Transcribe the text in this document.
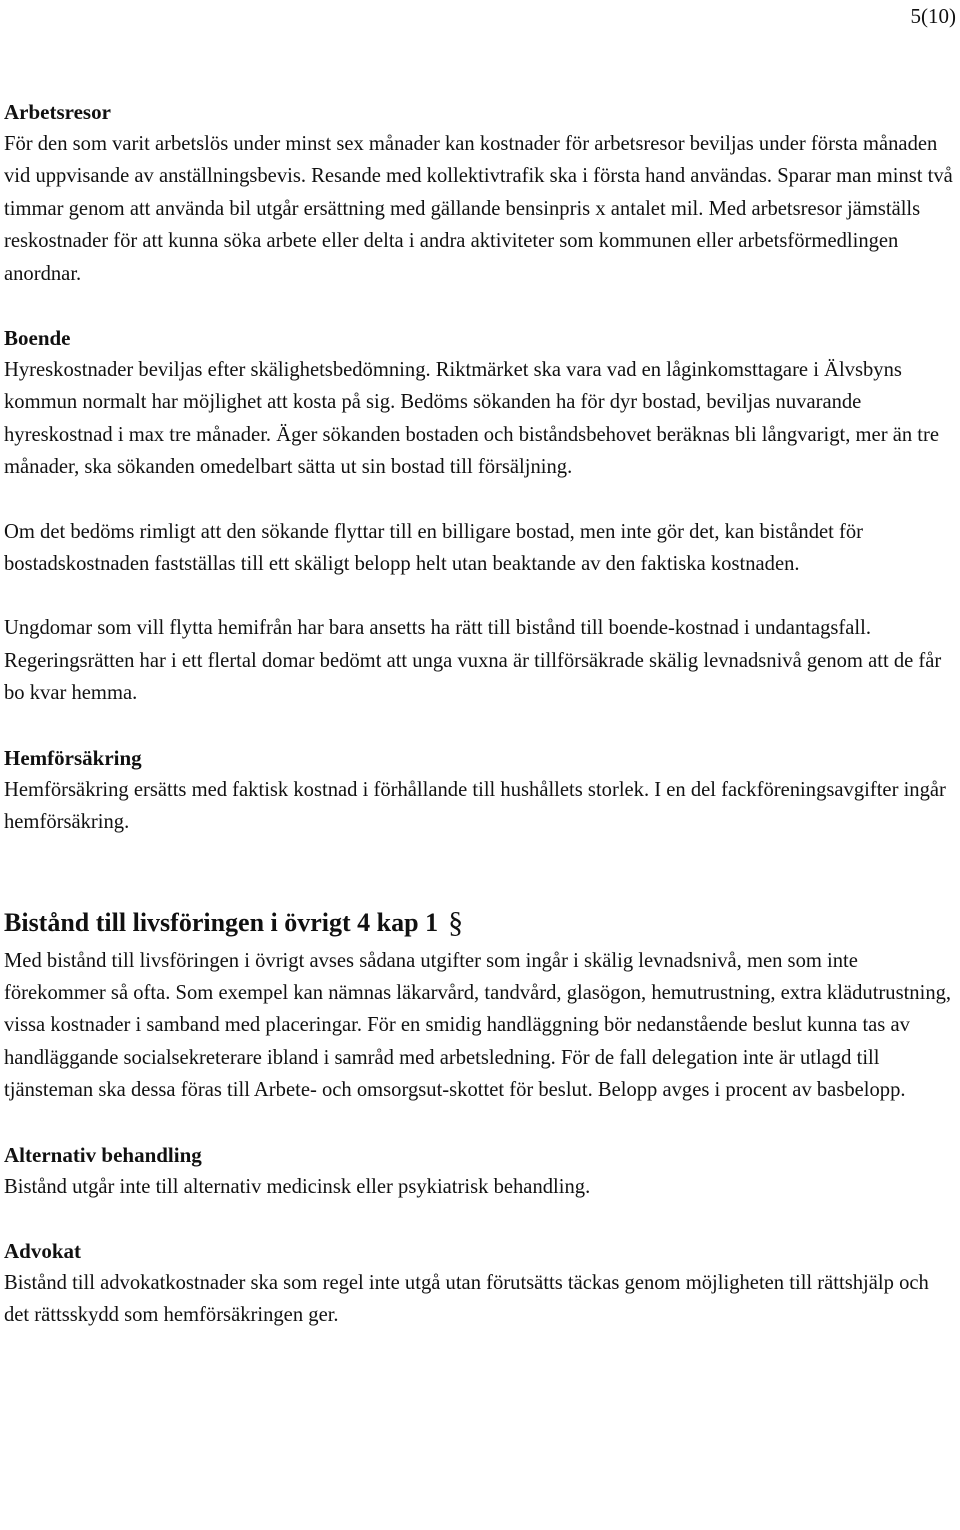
5(10)
Arbetsresor

För den som varit arbetslös under minst sex månader kan kostnader för arbetsresor beviljas under första månaden vid uppvisande av anställningsbevis. Resande med kollektivtrafik ska i första hand användas. Sparar man minst två timmar genom att använda bil utgår ersättning med gällande bensinpris x antalet mil. Med arbetsresor jämställs reskostnader för att kunna söka arbete eller delta i andra aktiviteter som kommunen eller arbetsförmedlingen anordnar.

Boende

Hyreskostnader beviljas efter skälighetsbedömning. Riktmärket ska vara vad en låginkomsttagare i Älvsbyns kommun normalt har möjlighet att kosta på sig. Bedöms sökanden ha för dyr bostad, beviljas nuvarande hyreskostnad i max tre månader. Äger sökanden bostaden och biståndsbehovet beräknas bli långvarigt, mer än tre månader, ska sökanden omedelbart sätta ut sin bostad till försäljning.

Om det bedöms rimligt att den sökande flyttar till en billigare bostad, men inte gör det, kan biståndet för bostadskostnaden fastställas till ett skäligt belopp helt utan beaktande av den faktiska kostnaden.

Ungdomar som vill flytta hemifrån har bara ansetts ha rätt till bistånd till boende-kostnad i undantagsfall. Regeringsrätten har i ett flertal domar bedömt att unga vuxna är tillförsäkrade skälig levnadsnivå genom att de får bo kvar hemma.

Hemförsäkring

Hemförsäkring ersätts med faktisk kostnad i förhållande till hushållets storlek. I en del fackföreningsavgifter ingår hemförsäkring.

Bistånd till livsföringen i övrigt 4 kap 1 §

Med bistånd till livsföringen i övrigt avses sådana utgifter som ingår i skälig levnadsnivå, men som inte förekommer så ofta. Som exempel kan nämnas läkarvård, tandvård, glasögon, hemutrustning, extra klädutrustning, vissa kostnader i samband med placeringar. För en smidig handläggning bör nedanstående beslut kunna tas av handläggande socialsekreterare ibland i samråd med arbetsledning. För de fall delegation inte är utlagd till tjänsteman ska dessa föras till Arbete- och omsorgsut-skottet för beslut. Belopp avges i procent av basbelopp.

Alternativ behandling

Bistånd utgår inte till alternativ medicinsk eller psykiatrisk behandling.

Advokat

Bistånd till advokatkostnader ska som regel inte utgå utan förutsätts täckas genom möjligheten till rättshjälp och det rättsskydd som hemförsäkringen ger.
